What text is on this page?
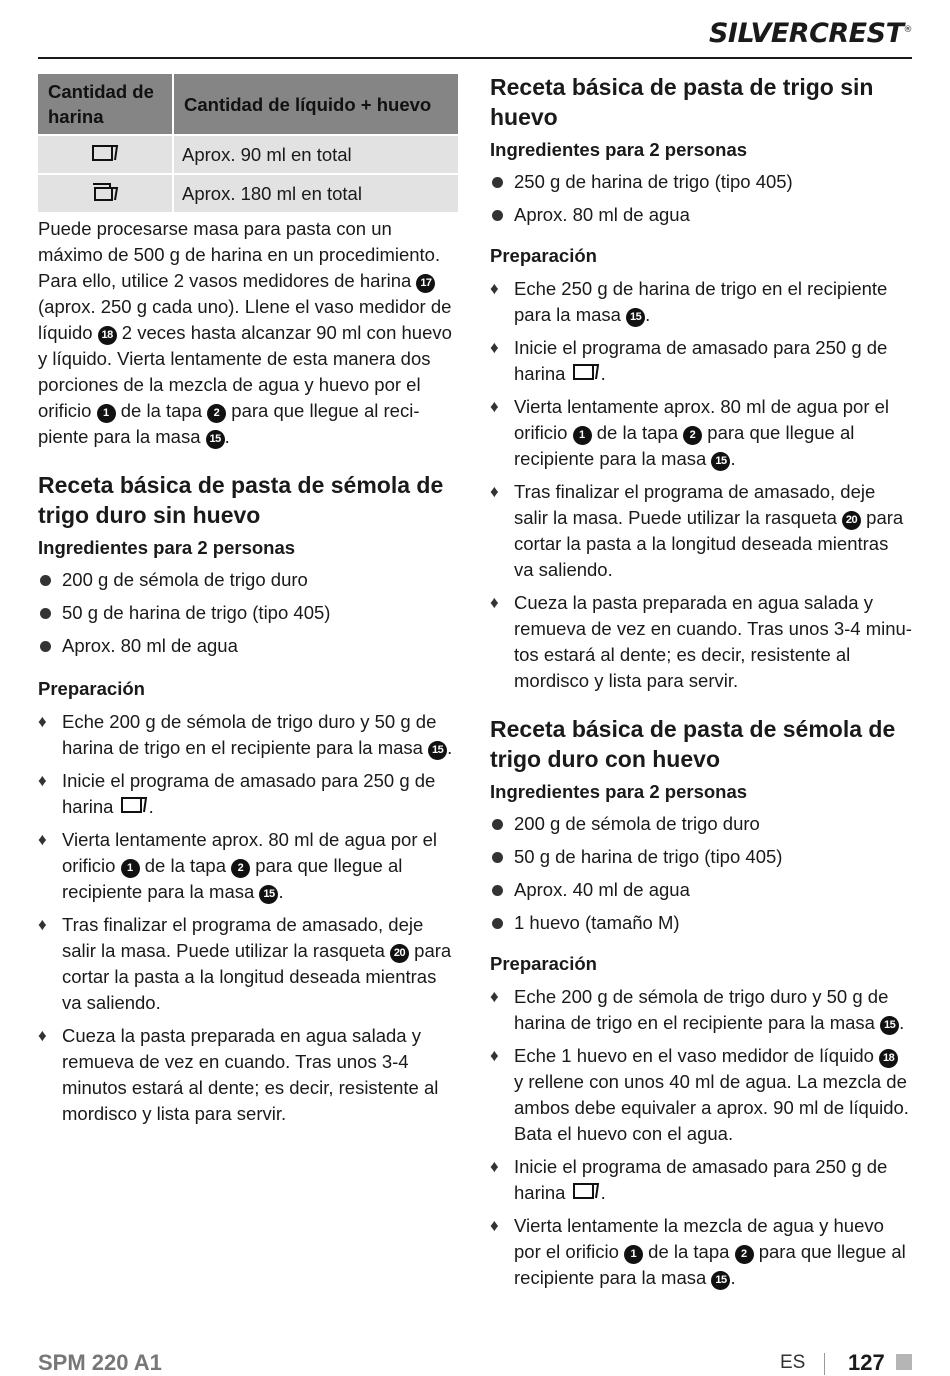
SILVERCREST®
Cantidad de harina	Cantidad de líquido + huevo
	Aprox. 90 ml en total
	Aprox. 180 ml en total

Puede procesarse masa para pasta con un máximo de 500 g de harina en un procedimiento. Para ello, utilice 2 vasos medidores de harina 17 (aprox. 250 g cada uno). Llene el vaso medidor de líquido 18 2 veces hasta alcanzar 90 ml con huevo y líquido. Vierta lentamente de esta manera dos porciones de la mezcla de agua y huevo por el orificio 1 de la tapa 2 para que llegue al reci-piente para la masa 15 .

Receta básica de pasta de sémola de trigo duro sin huevo
Ingredientes para 2 personas
200 g de sémola de trigo duro
50 g de harina de trigo (tipo 405)
Aprox. 80 ml de agua
Preparación
♦ Eche 200 g de sémola de trigo duro y 50 g de harina de trigo en el recipiente para la masa 15 .
♦ Inicie el programa de amasado para 250 g de harina .
♦ Vierta lentamente aprox. 80 ml de agua por el orificio 1 de la tapa 2 para que llegue al recipiente para la masa 15 .
♦ Tras finalizar el programa de amasado, deje salir la masa. Puede utilizar la rasqueta 20 para cortar la pasta a la longitud deseada mientras va saliendo.
♦ Cueza la pasta preparada en agua salada y remueva de vez en cuando. Tras unos 3-4 minutos estará al dente; es decir, resistente al mordisco y lista para servir.
Receta básica de pasta de trigo sin huevo
Ingredientes para 2 personas
250 g de harina de trigo (tipo 405)
Aprox. 80 ml de agua
Preparación
♦ Eche 250 g de harina de trigo en el recipiente para la masa 15 .
♦ Inicie el programa de amasado para 250 g de harina .
♦ Vierta lentamente aprox. 80 ml de agua por el orificio 1 de la tapa 2 para que llegue al recipiente para la masa 15 .
♦ Tras finalizar el programa de amasado, deje salir la masa. Puede utilizar la rasqueta 20 para cortar la pasta a la longitud deseada mientras va saliendo.
♦ Cueza la pasta preparada en agua salada y remueva de vez en cuando. Tras unos 3-4 minu-tos estará al dente; es decir, resistente al mordisco y lista para servir.
Receta básica de pasta de sémola de trigo duro con huevo
Ingredientes para 2 personas
200 g de sémola de trigo duro
50 g de harina de trigo (tipo 405)
Aprox. 40 ml de agua
1 huevo (tamaño M)
Preparación
♦ Eche 200 g de sémola de trigo duro y 50 g de harina de trigo en el recipiente para la masa 15 .
♦ Eche 1 huevo en el vaso medidor de líquido 18 y rellene con unos 40 ml de agua. La mezcla de ambos debe equivaler a aprox. 90 ml de líquido. Bata el huevo con el agua.
♦ Inicie el programa de amasado para 250 g de harina .
♦ Vierta lentamente la mezcla de agua y huevo por el orificio 1 de la tapa 2 para que llegue al recipiente para la masa 15 .
SPM 220 A1	ES 127
